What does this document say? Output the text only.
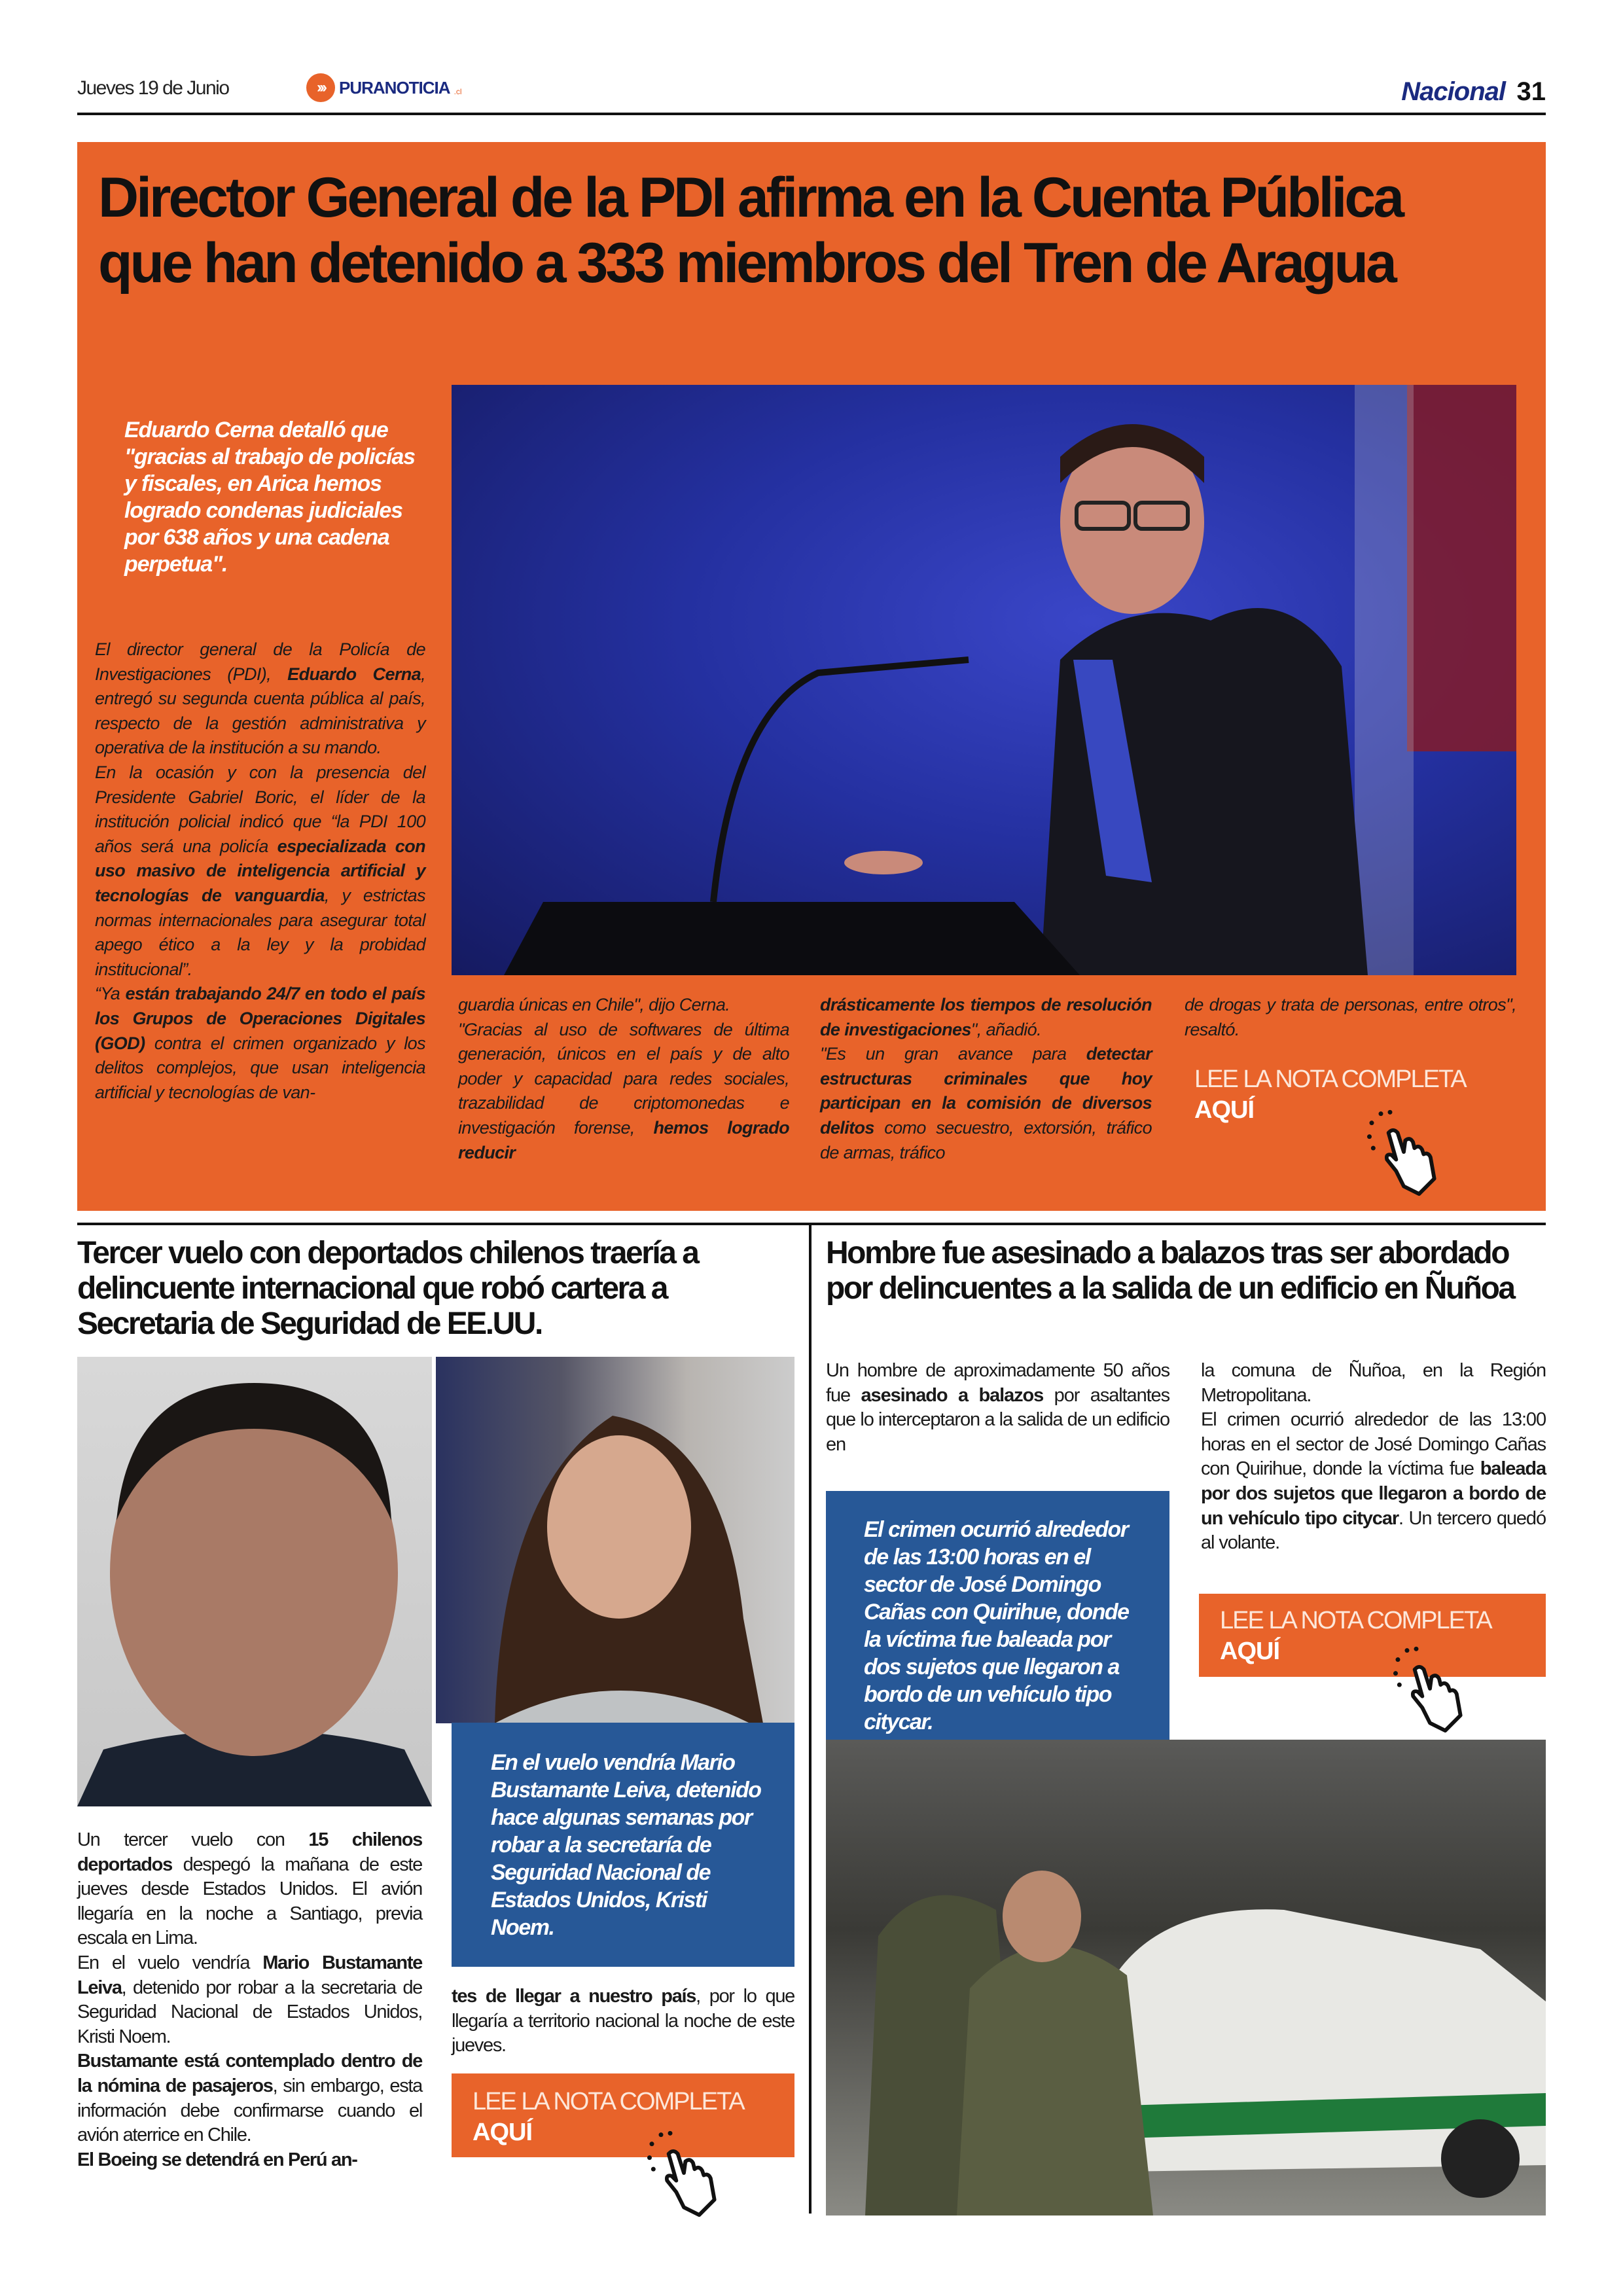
Jueves 19 de Junio	››› PURANOTICIA .cl	Nacional 31
Director General de la PDI afirma en la Cuenta Pública que han detenido a 333 miembros del Tren de Aragua
Eduardo Cerna detalló que "gracias al trabajo de policías y fiscales, en Arica hemos logrado condenas judiciales por 638 años y una cadena perpetua".

El director general de la Policía de Investigaciones (PDI), Eduardo Cerna, entregó su segunda cuenta pública al país, respecto de la gestión administrativa y operativa de la institución a su mando.

En la ocasión y con la presencia del Presidente Gabriel Boric, el líder de la institución policial indicó que “la PDI 100 años será una policía especializada con uso masivo de inteligencia artificial y tecnologías de vanguardia, y estrictas normas internacionales para asegurar total apego ético a la ley y la probidad institucional”.

“Ya están trabajando 24/7 en todo el país los Grupos de Operaciones Digitales (GOD) contra el crimen organizado y los delitos complejos, que usan inteligencia artificial y tecnologías de van-

guardia únicas en Chile", dijo Cerna.

"Gracias al uso de softwares de última generación, únicos en el país y de alto poder y capacidad para redes sociales, trazabilidad de criptomonedas e investigación forense, hemos logrado reducir

drásticamente los tiempos de resolución de investigaciones", añadió.

"Es un gran avance para detectar estructuras criminales que hoy participan en la comisión de diversos delitos como secuestro, extorsión, tráfico de armas, tráfico

de drogas y trata de personas, entre otros", resaltó.

LEE LA NOTA COMPLETA
AQUÍ
Tercer vuelo con deportados chilenos traería a delincuente internacional que robó cartera a Secretaria de Seguridad de EE.UU.
En el vuelo vendría Mario Bustamante Leiva, detenido hace algunas semanas por robar a la secretaría de Seguridad Nacional de Estados Unidos, Kristi Noem.

Un tercer vuelo con 15 chilenos deportados despegó la mañana de este jueves desde Estados Unidos. El avión llegaría en la noche a Santiago, previa escala en Lima.

En el vuelo vendría Mario Bustamante Leiva, detenido por robar a la secretaria de Seguridad Nacional de Estados Unidos, Kristi Noem.

Bustamante está contemplado dentro de la nómina de pasajeros, sin embargo, esta información debe confirmarse cuando el avión aterrice en Chile.

El Boeing se detendrá en Perú an-

tes de llegar a nuestro país, por lo que llegaría a territorio nacional la noche de este jueves.

LEE LA NOTA COMPLETA
AQUÍ
Hombre fue asesinado a balazos tras ser abordado por delincuentes a la salida de un edificio en Ñuñoa

Un hombre de aproximadamente 50 años fue asesinado a balazos por asaltantes que lo interceptaron a la salida de un edificio en

la comuna de Ñuñoa, en la Región Metropolitana.

El crimen ocurrió alrededor de las 13:00 horas en el sector de José Domingo Cañas con Quirihue, donde la víctima fue baleada por dos sujetos que llegaron a bordo de un vehículo tipo citycar. Un tercero quedó al volante.

El crimen ocurrió alrededor de las 13:00 horas en el sector de José Domingo Cañas con Quirihue, donde la víctima fue baleada por dos sujetos que llegaron a bordo de un vehículo tipo citycar.
LEE LA NOTA COMPLETA
AQUÍ
